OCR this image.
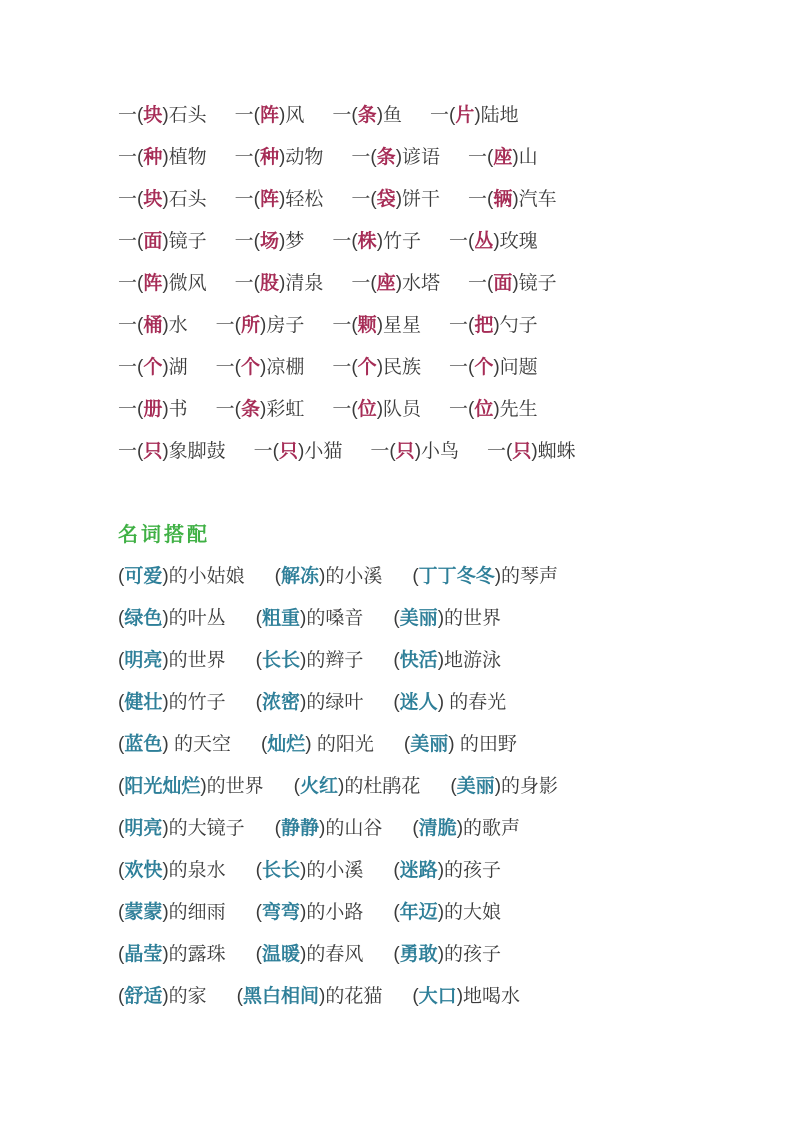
一(块)石头 一(阵)风 一(条)鱼 一(片)陆地
一(种)植物 一(种)动物 一(条)谚语 一(座)山
一(块)石头 一(阵)轻松 一(袋)饼干 一(辆)汽车
一(面)镜子 一(场)梦 一(株)竹子 一(丛)玫瑰
一(阵)微风 一(股)清泉 一(座)水塔 一(面)镜子
一(桶)水 一(所)房子 一(颗)星星 一(把)勺子
一(个)湖 一(个)凉棚 一(个)民族 一(个)问题
一(册)书 一(条)彩虹 一(位)队员 一(位)先生
一(只)象脚鼓 一(只)小猫 一(只)小鸟 一(只)蜘蛛
名词搭配
(可爱)的小姑娘 (解冻)的小溪 (丁丁冬冬)的琴声
(绿色)的叶丛 (粗重)的嗓音 (美丽)的世界
(明亮)的世界 (长长)的辫子 (快活)地游泳
(健壮)的竹子 (浓密)的绿叶 (迷人) 的春光
(蓝色) 的天空 (灿烂) 的阳光 (美丽) 的田野
(阳光灿烂)的世界 (火红)的杜鹃花 (美丽)的身影
(明亮)的大镜子 (静静)的山谷 (清脆)的歌声
(欢快)的泉水 (长长)的小溪 (迷路)的孩子
(蒙蒙)的细雨 (弯弯)的小路 (年迈)的大娘
(晶莹)的露珠 (温暖)的春风 (勇敢)的孩子
(舒适)的家 (黑白相间)的花猫 (大口)地喝水
